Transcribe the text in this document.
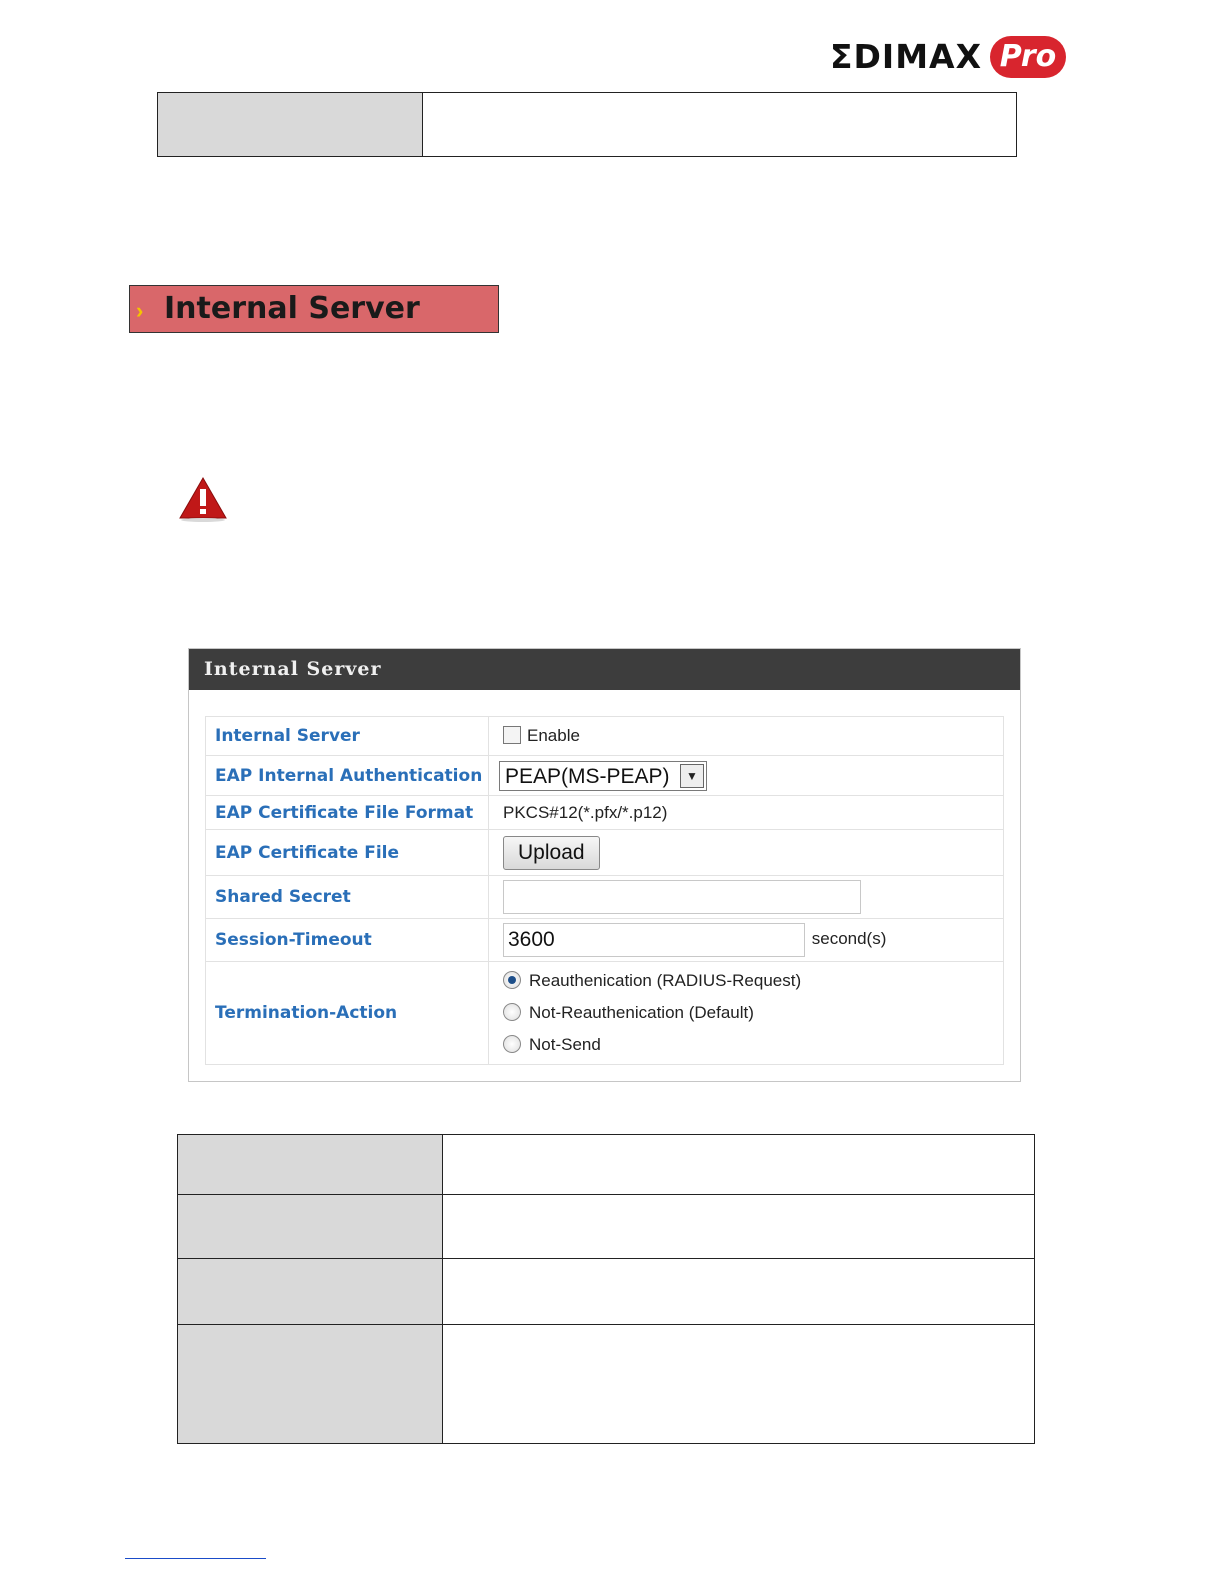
ΣDIMAX Pro

› Internal Server
Internal Server
Internal Server	Enable
EAP Internal Authentication	PEAP(MS-PEAP) ▼

EAP Certificate File Format	PKCS#12(*.pfx/*.p12)
EAP Certificate File	Upload
Shared Secret	
Session-Timeout	3600 second(s)
Termination-Action	Reauthenication (RADIUS-Request)
Not-Reauthenication (Default)
Not-Send
